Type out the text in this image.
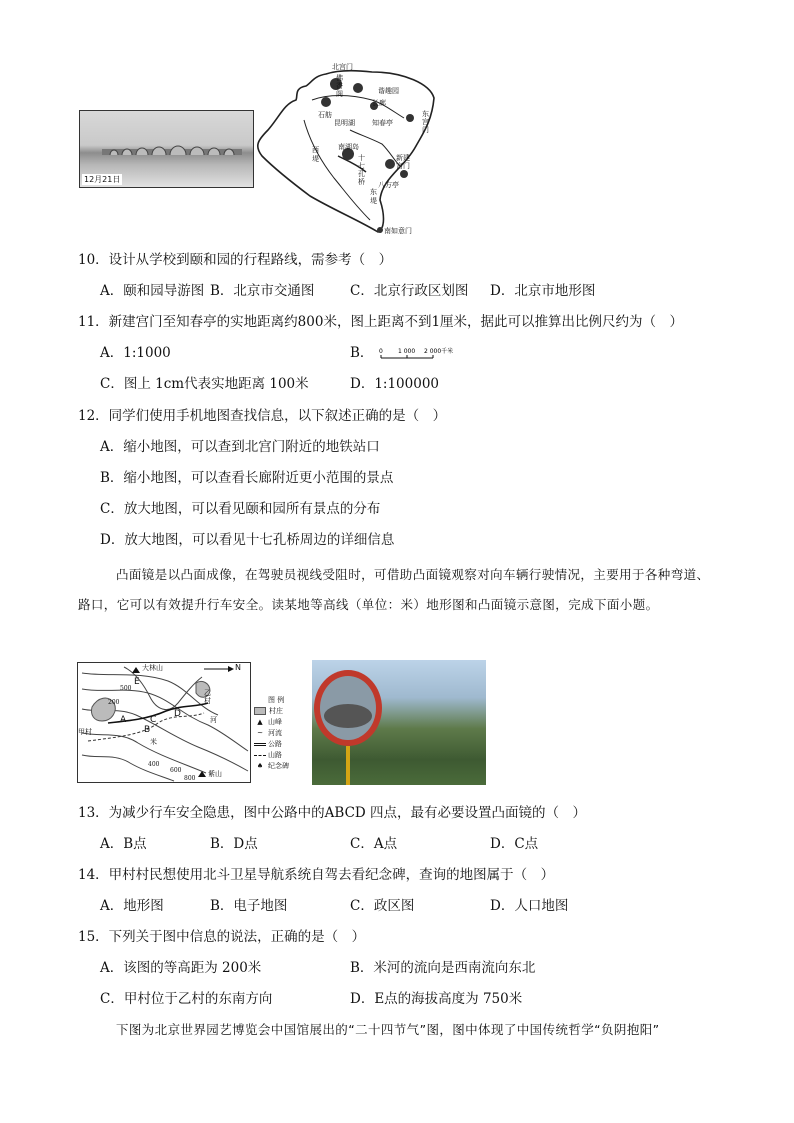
12月21日
北宫门
佛香阁	谐趣园
长廊
石舫
昆明湖 知春亭
东宫门
西堤
南湖岛
新建宫门
十七孔桥
东堤
八方亭
南如意门
10．设计从学校到颐和园的行程路线，需参考（　）
A．颐和园导游图 B．北京市交通图	C．北京行政区划图 D．北京市地形图
11．新建宫门至知春亭的实地距离约800米，图上距离不到1厘米，据此可以推算出比例尺约为（　）
A．1:1000	B． 0	1 000 2 000千米
C．图上 1cm代表实地距离 100米	D．1:100000
12．同学们使用手机地图查找信息，以下叙述正确的是（　）
A．缩小地图，可以查到北宫门附近的地铁站口
B．缩小地图，可以查看长廊附近更小范围的景点
C．放大地图，可以看见颐和园所有景点的分布
D．放大地图，可以看见十七孔桥周边的详细信息
凸面镜是以凸面成像，在驾驶员视线受阻时，可借助凸面镜观察对向车辆行驶情况，主要用于各种弯道、路口，它可以有效提升行车安全。读某地等高线（单位：米）地形图和凸面镜示意图，完成下面小题。
N
大林山
紫山
甲村
乙村
河
米
500
200
400
600
800
A
B
C
D
E
图 例
村庄
▲ 山峰
~ 河流
公路
山路
♠ 纪念碑
13．为减少行车安全隐患，图中公路中的ABCD 四点，最有必要设置凸面镜的（　）
A．B点	B．D点	C．A点	D．C点
14．甲村村民想使用北斗卫星导航系统自驾去看纪念碑，查询的地图属于（　）
A．地形图	B．电子地图	C．政区图	D．人口地图
15．下列关于图中信息的说法，正确的是（　）
A．该图的等高距为 200米	B．米河的流向是西南流向东北
C．甲村位于乙村的东南方向	D．E点的海拔高度为 750米
下图为北京世界园艺博览会中国馆展出的“二十四节气”图，图中体现了中国传统哲学“负阴抱阳”
